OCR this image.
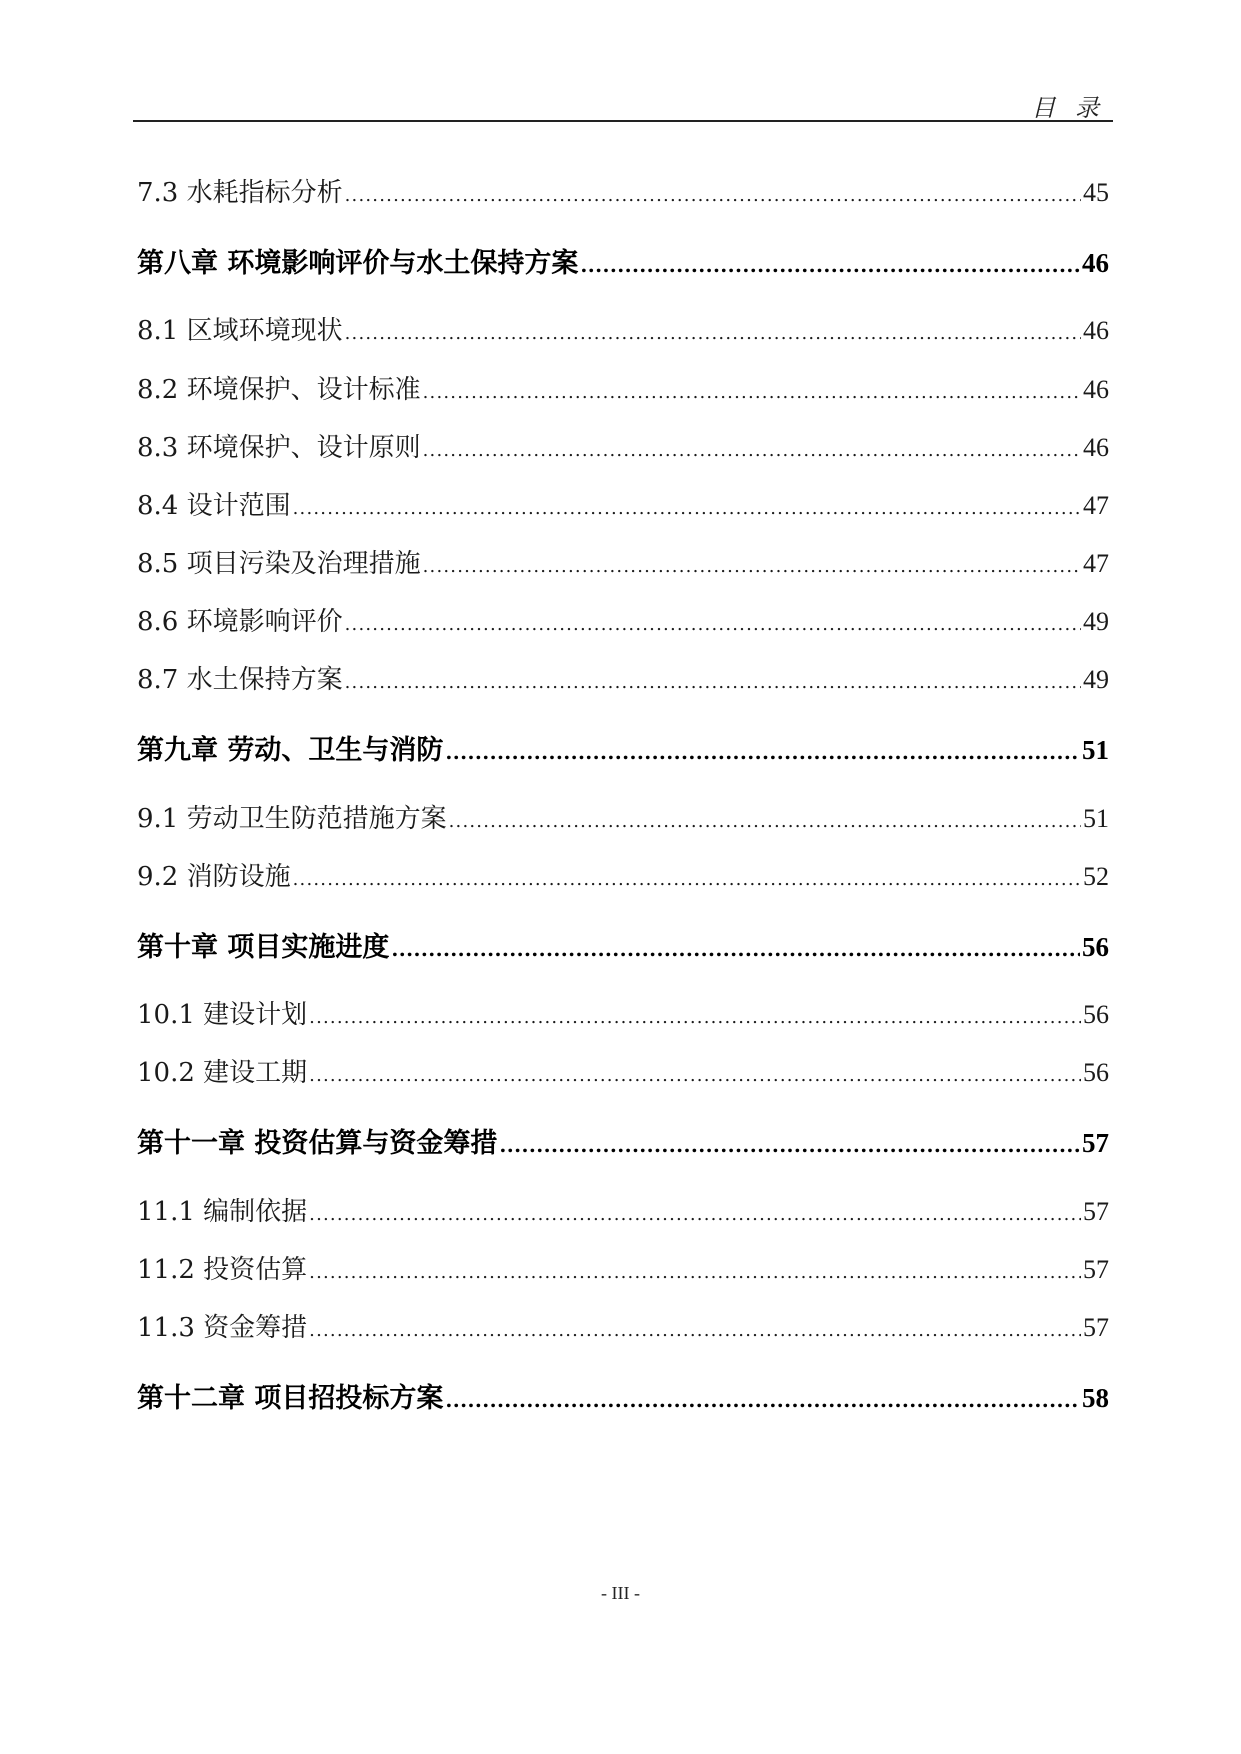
目 录
7.3 水耗指标分析 .....	45
第八章 环境影响评价与水土保持方案 .....	46
8.1 区域环境现状 .....	46
8.2 环境保护、设计标准 .....	46
8.3 环境保护、设计原则 .....	46
8.4 设计范围 .....	47
8.5 项目污染及治理措施 .....	47
8.6 环境影响评价 .....	49
8.7 水土保持方案 .....	49
第九章 劳动、卫生与消防 .....	51
9.1 劳动卫生防范措施方案 .....	51
9.2 消防设施 .....	52
第十章 项目实施进度 .....	56
10.1 建设计划 .....	56
10.2 建设工期 .....	56
第十一章 投资估算与资金筹措 .....	57
11.1 编制依据 .....	57
11.2 投资估算 .....	57
11.3 资金筹措 .....	57
第十二章 项目招投标方案 .....	58
- III -
